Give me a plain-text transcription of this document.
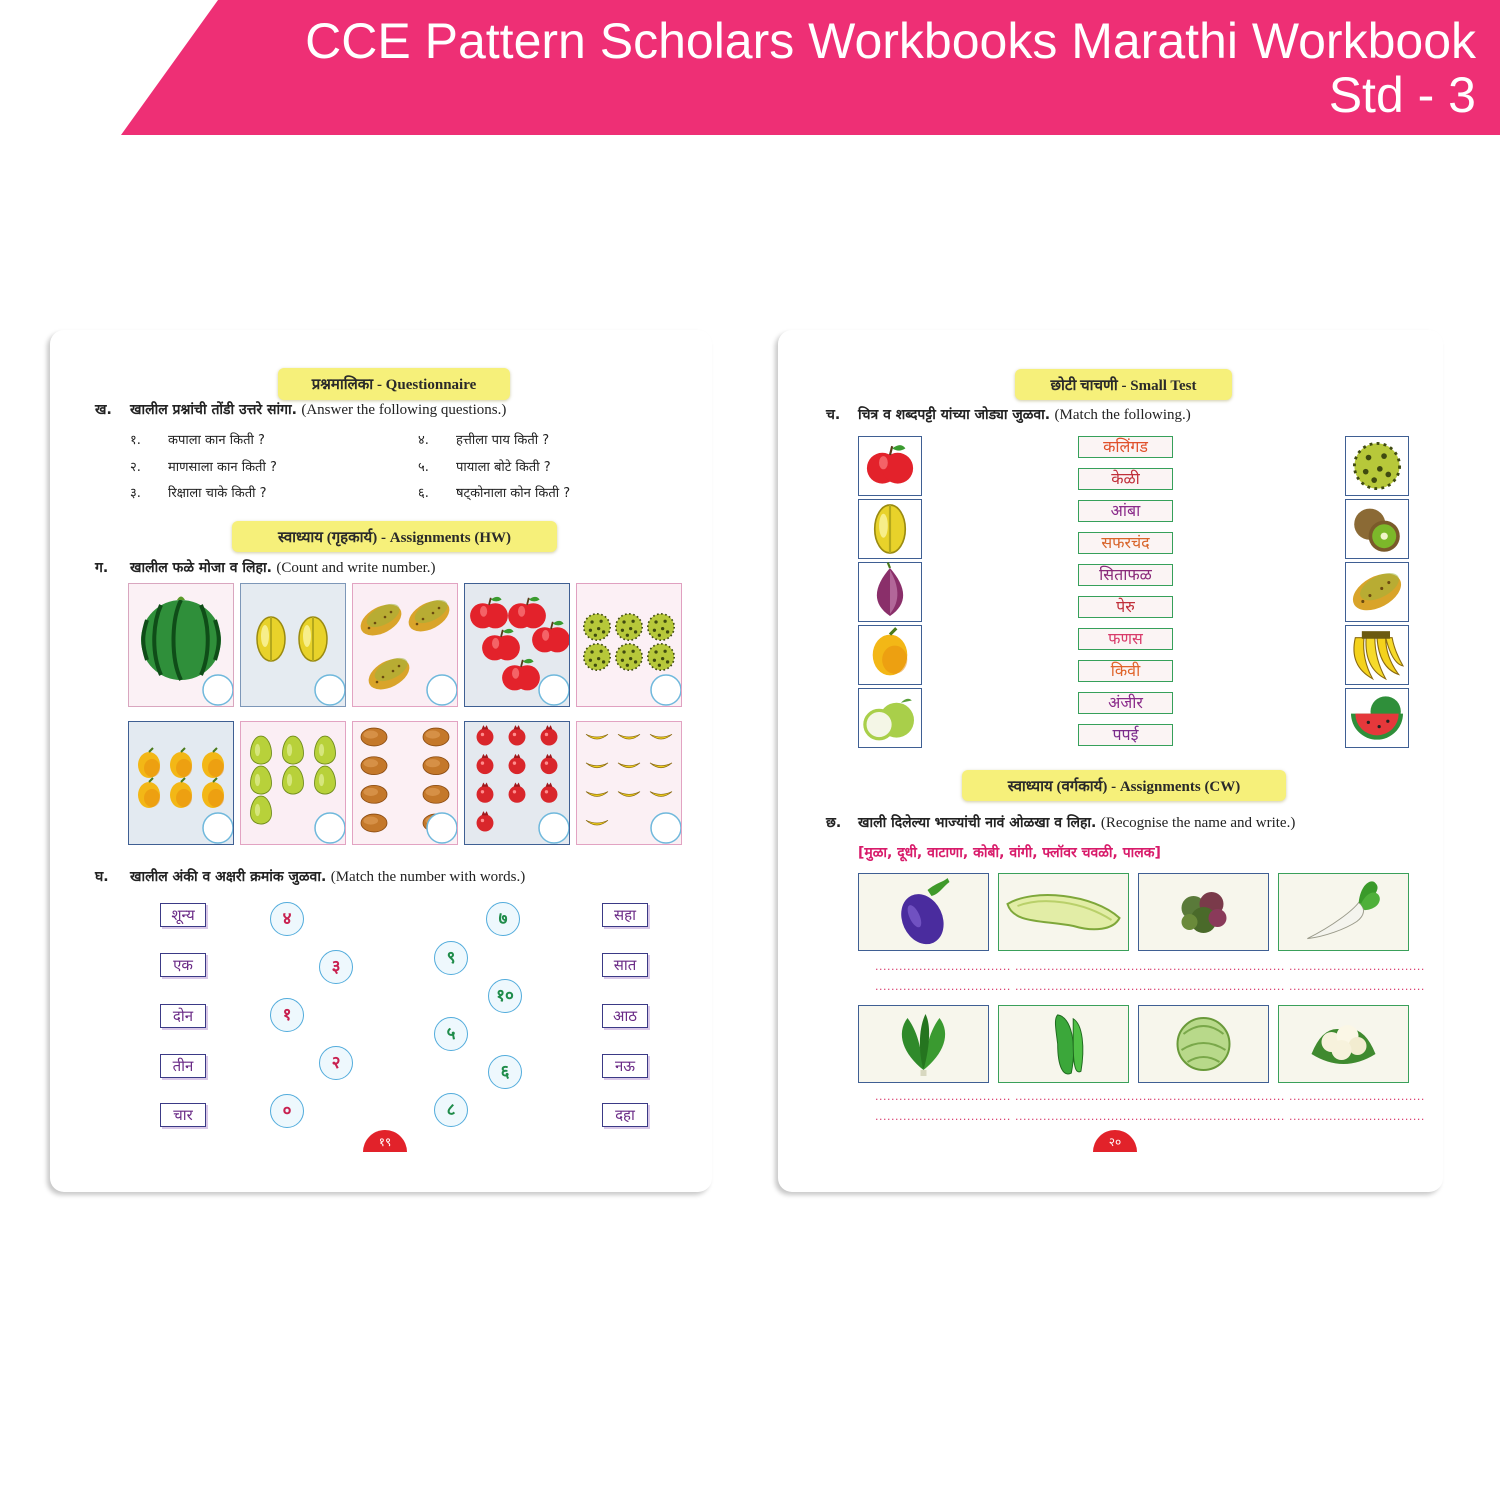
CCE Pattern Scholars Workbooks Marathi Workbook
Std - 3
प्रश्नमालिका - Questionnaire
ख. खालील प्रश्नांची तोंडी उत्तरे सांगा. (Answer the following questions.)
१. कपाला कान किती ?
२. माणसाला कान किती ?
३. रिक्षाला चाके किती ?
४. हत्तीला पाय किती ?
५. पायाला बोटे किती ?
६. षट्कोनाला कोन किती ?
स्वाध्याय (गृहकार्य) - Assignments (HW)
ग. खालील फळे मोजा व लिहा. (Count and write number.)
घ. खालील अंकी व अक्षरी क्रमांक जुळवा. (Match the number with words.)
शून्य
एक
दोन
तीन
चार
सहा
सात
आठ
नऊ
दहा
४
३
१
२
०
७
९
१०
५
६
८
१९
छोटी चाचणी - Small Test
च. चित्र व शब्दपट्टी यांच्या जोड्या जुळवा. (Match the following.)
कलिंगड
केळी
आंबा
सफरचंद
सिताफळ
पेरु
फणस
किवी
अंजीर
पपई
स्वाध्याय (वर्गकार्य) - Assignments (CW)
छ. खाली दिलेल्या भाज्यांची नावं ओळखा व लिहा. (Recognise the name and write.)
[मुळा, दूधी, वाटाणा, कोबी, वांगी, फ्लॉवर चवळी, पालक]
..................................
..................................
..................................
..................................
..................................
..................................
..................................
..................................
..................................
..................................
..................................
..................................
..................................
..................................
..................................
..................................
२०
